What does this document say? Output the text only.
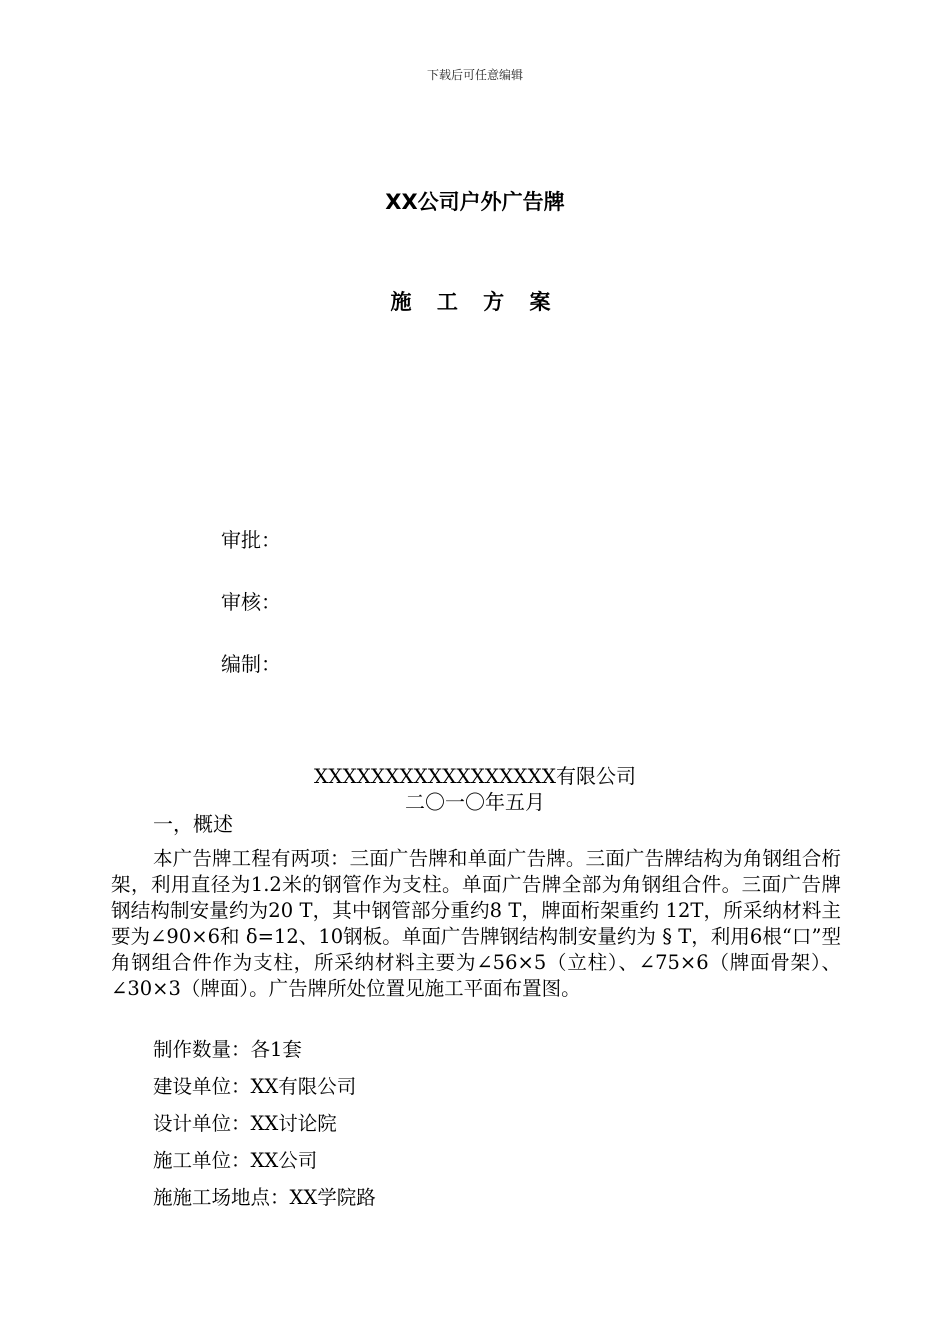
下载后可任意编辑
XX公司户外广告牌
施 工 方 案
审批：
审核：
编制：
XXXXXXXXXXXXXXXXX有限公司
二〇一〇年五月
一，概述
本广告牌工程有两项：三面广告牌和单面广告牌。三面广告牌结构为角钢组合桁架，利用直径为1.2米的钢管作为支柱。单面广告牌全部为角钢组合件。三面广告牌钢结构制安量约为20 T，其中钢管部分重约8 T，牌面桁架重约 12T，所采纳材料主要为∠90×6和 δ=12、10钢板。单面广告牌钢结构制安量约为 § T，利用6根“口”型角钢组合件作为支柱，所采纳材料主要为∠56×5（立柱）、∠75×6（牌面骨架）、∠30×3（牌面）。广告牌所处位置见施工平面布置图。
制作数量：各1套
建设单位：XX有限公司
设计单位：XX讨论院
施工单位：XX公司
施施工场地点：XX学院路
